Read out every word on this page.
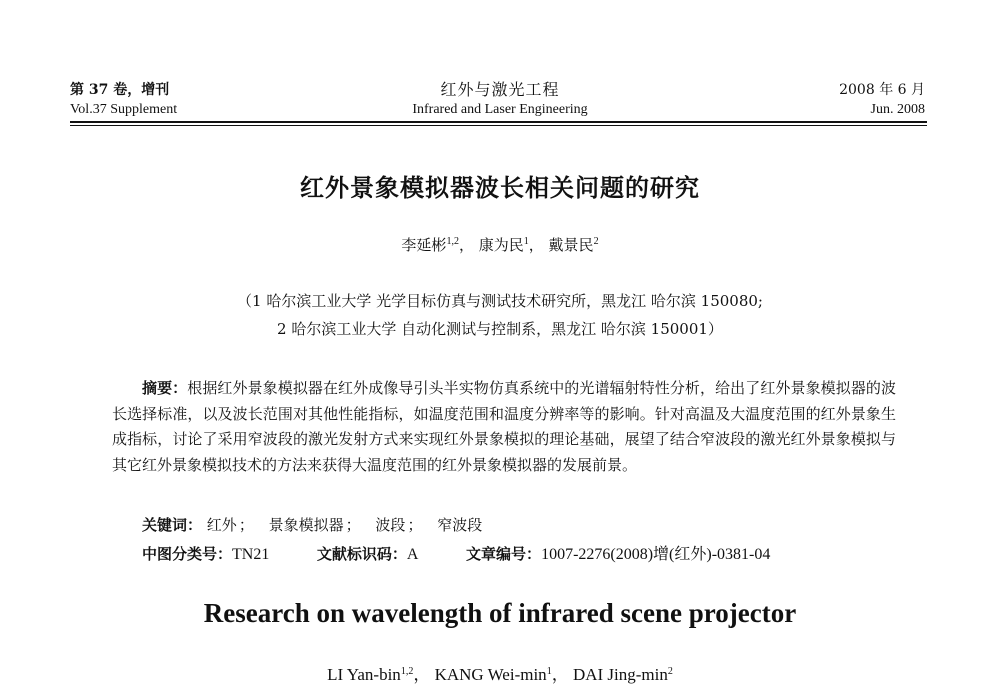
第 37 卷，增刊
Vol.37 Supplement
红外与激光工程
Infrared and Laser Engineering
2008 年 6 月
Jun. 2008
红外景象模拟器波长相关问题的研究
李延彬$^{1,2}$， 康为民$^1$， 戴景民$^2$
（1 哈尔滨工业大学 光学目标仿真与测试技术研究所，黑龙江 哈尔滨 150080;
2 哈尔滨工业大学 自动化测试与控制系，黑龙江 哈尔滨 150001）
摘要：根据红外景象模拟器在红外成像导引头半实物仿真系统中的光谱辐射特性分析，给出了红外景象模拟器的波长选择标准，以及波长范围对其他性能指标，如温度范围和温度分辨率等的影响。针对高温及大温度范围的红外景象生成指标，讨论了采用窄波段的激光发射方式来实现红外景象模拟的理论基础，展望了结合窄波段的激光红外景象模拟与其它红外景象模拟技术的方法来获得大温度范围的红外景象模拟器的发展前景。
关键词： 红外 ； 景象模拟器 ； 波段 ； 窄波段
中图分类号：TN21	文献标识码：A	文章编号：1007-2276(2008)增(红外)-0381-04
Research on wavelength of infrared scene projector
LI Yan-bin$^{1,2}$， KANG Wei-$\min^1$， DAI Jing-$\min^2$
